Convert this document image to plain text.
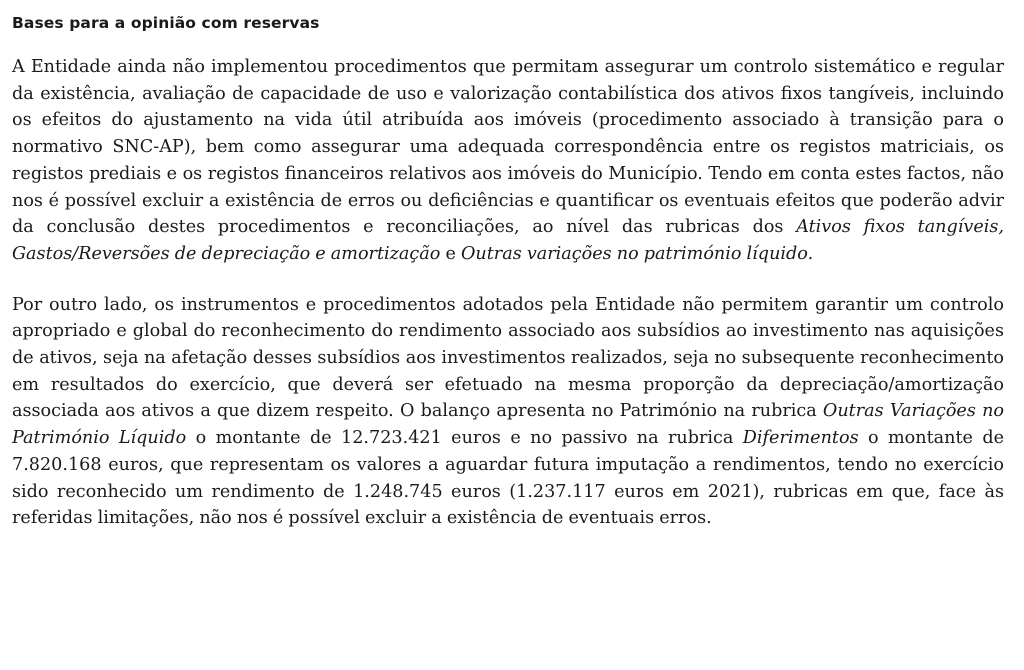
Bases para a opinião com reservas

A Entidade ainda não implementou procedimentos que permitam assegurar um controlo sistemático e regular da existência, avaliação de capacidade de uso e valorização contabilística dos ativos fixos tangíveis, incluindo os efeitos do ajustamento na vida útil atribuída aos imóveis (procedimento associado à transição para o normativo SNC-AP), bem como assegurar uma adequada correspondência entre os registos matriciais, os registos prediais e os registos financeiros relativos aos imóveis do Município. Tendo em conta estes factos, não nos é possível excluir a existência de erros ou deficiências e quantificar os eventuais efeitos que poderão advir da conclusão destes procedimentos e reconciliações, ao nível das rubricas dos Ativos fixos tangíveis, Gastos/Reversões de depreciação e amortização e Outras variações no património líquido.

Por outro lado, os instrumentos e procedimentos adotados pela Entidade não permitem garantir um controlo apropriado e global do reconhecimento do rendimento associado aos subsídios ao investimento nas aquisições de ativos, seja na afetação desses subsídios aos investimentos realizados, seja no subsequente reconhecimento em resultados do exercício, que deverá ser efetuado na mesma proporção da depreciação/amortização associada aos ativos a que dizem respeito. O balanço apresenta no Património na rubrica Outras Variações no Património Líquido o montante de 12.723.421 euros e no passivo na rubrica Diferimentos o montante de 7.820.168 euros, que representam os valores a aguardar futura imputação a rendimentos, tendo no exercício sido reconhecido um rendimento de 1.248.745 euros (1.237.117 euros em 2021), rubricas em que, face às referidas limitações, não nos é possível excluir a existência de eventuais erros.
